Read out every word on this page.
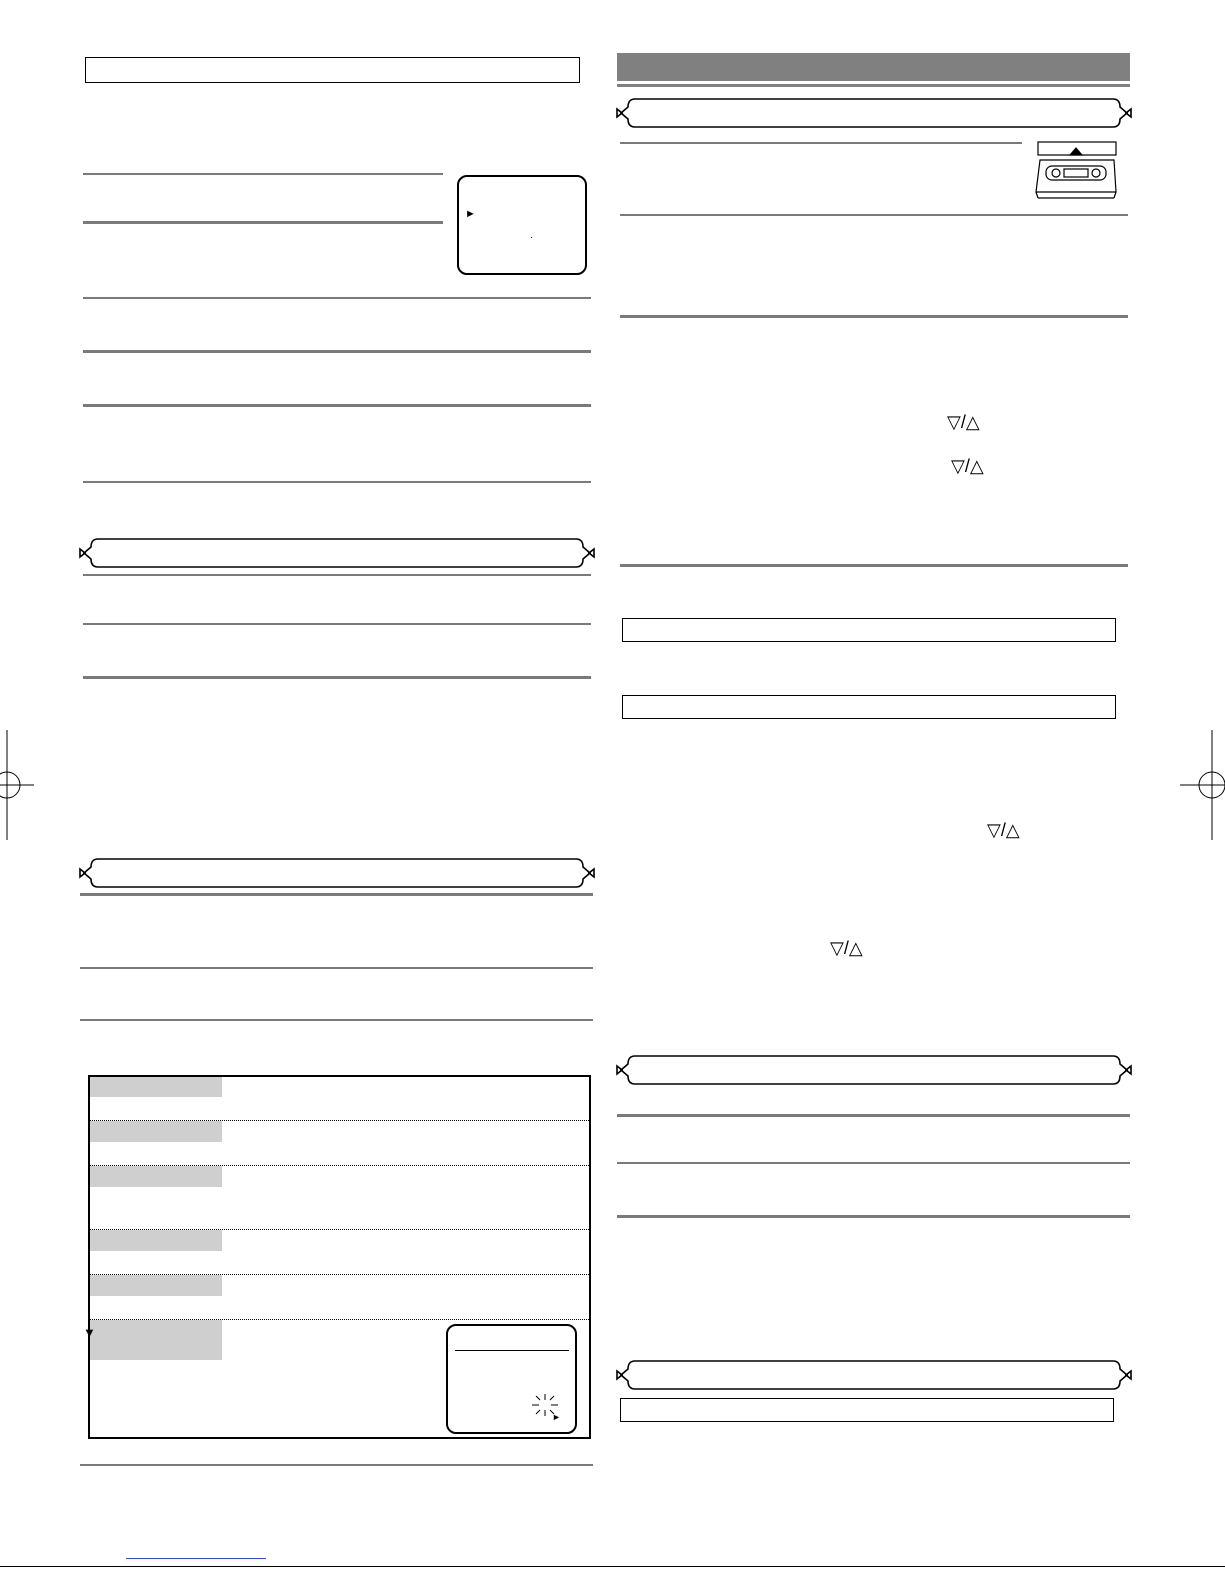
►
·
▼
►
▽/△
▽/△
▽/△
▽/△
